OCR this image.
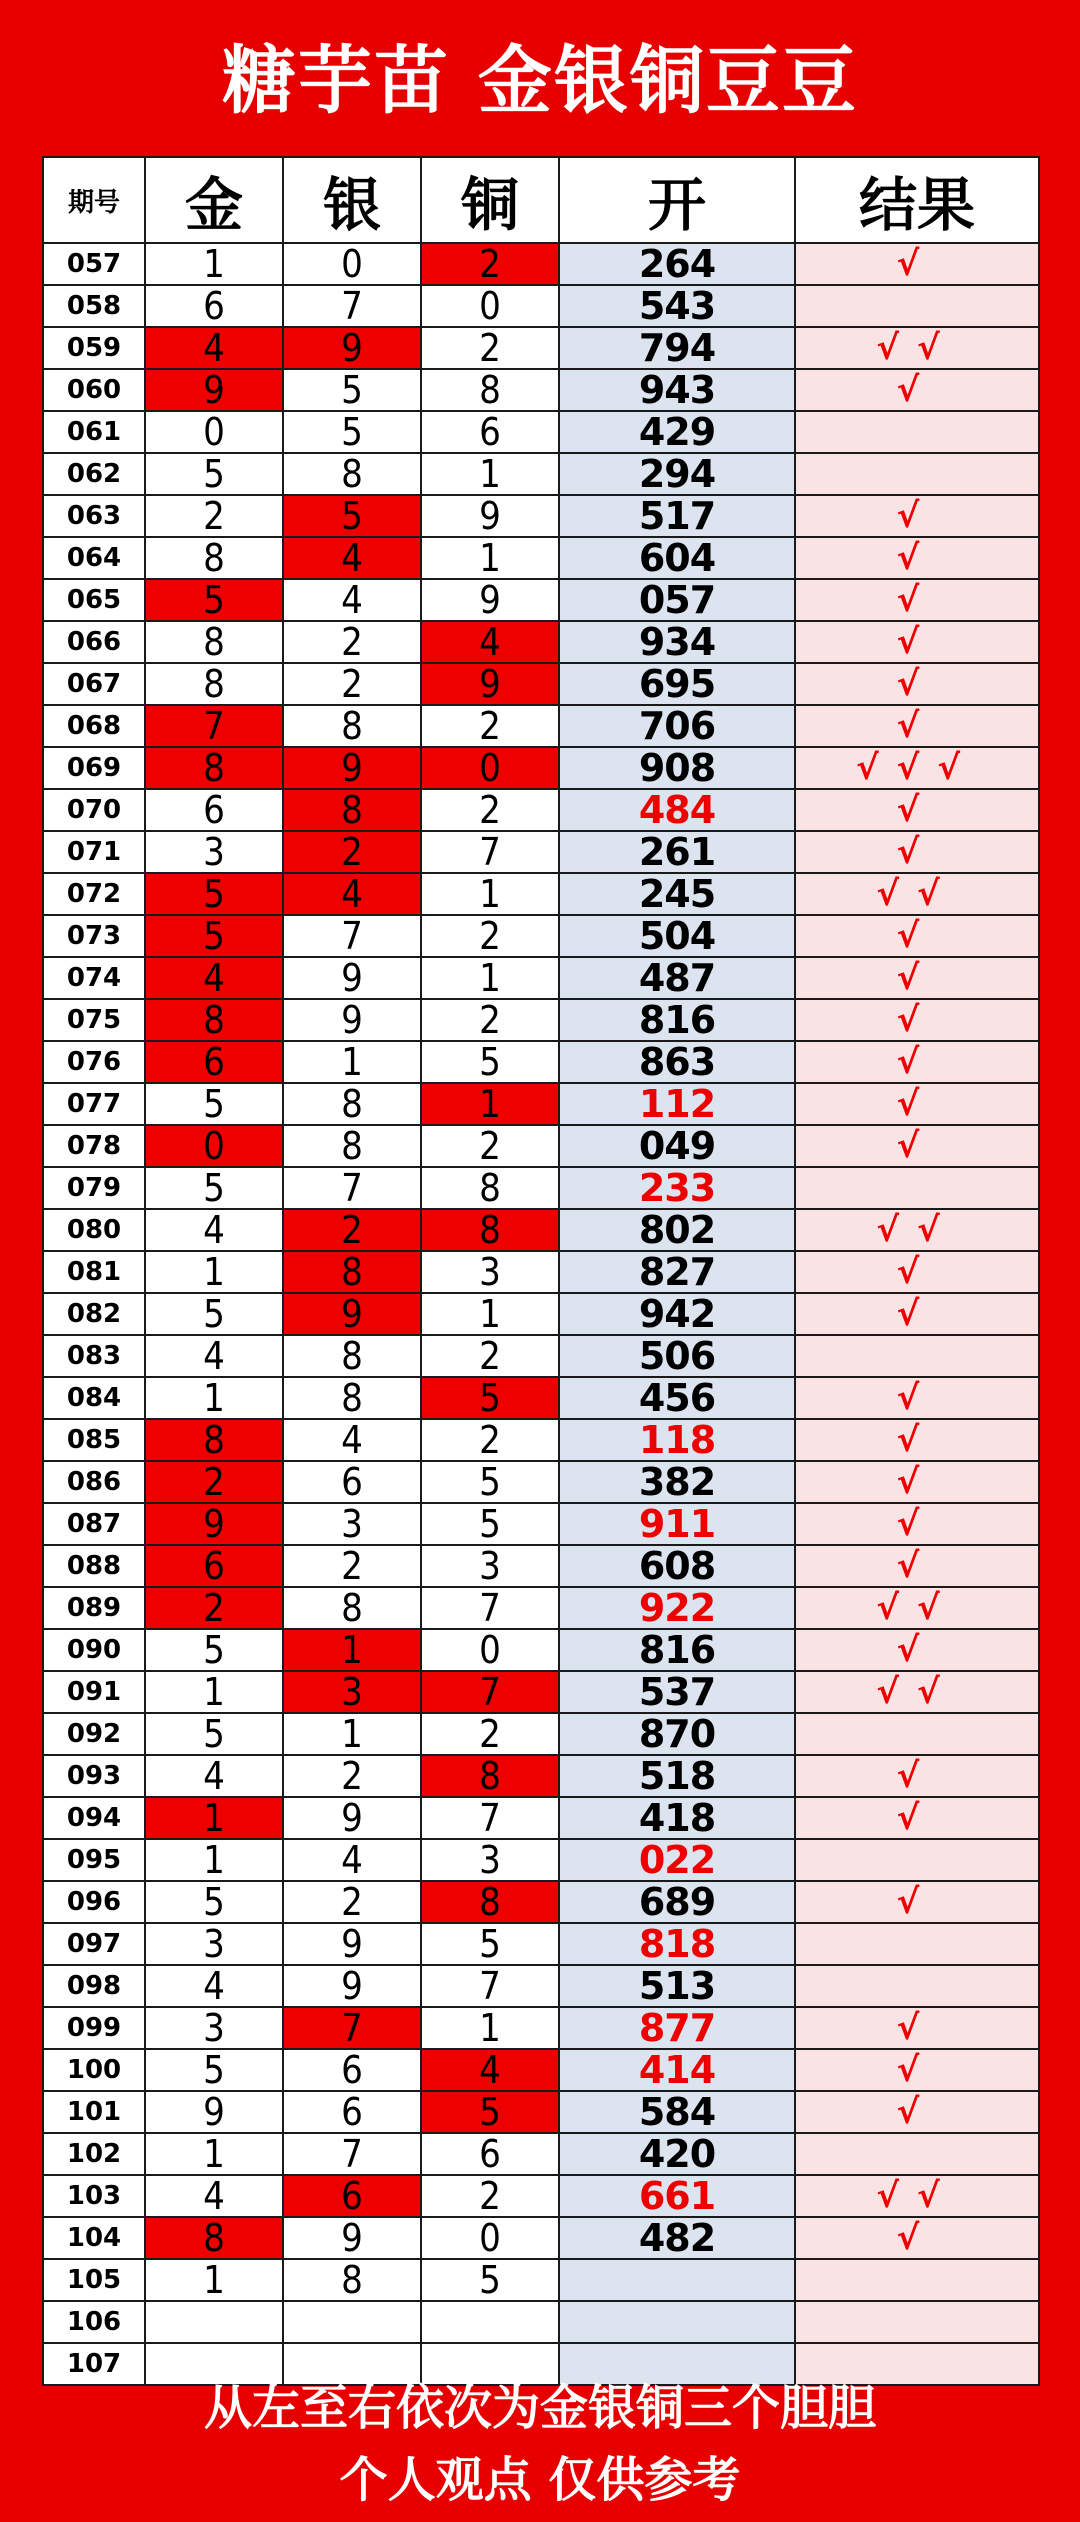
糖芋苗 金银铜豆豆
期号	金	银	铜	开	结果
057	1	0	2	264	√
058	6	7	0	543	
059	4	9	2	794	√√
060	9	5	8	943	√
061	0	5	6	429	
062	5	8	1	294	
063	2	5	9	517	√
064	8	4	1	604	√
065	5	4	9	057	√
066	8	2	4	934	√
067	8	2	9	695	√
068	7	8	2	706	√
069	8	9	0	908	√√√
070	6	8	2	484	√
071	3	2	7	261	√
072	5	4	1	245	√√
073	5	7	2	504	√
074	4	9	1	487	√
075	8	9	2	816	√
076	6	1	5	863	√
077	5	8	1	112	√
078	0	8	2	049	√
079	5	7	8	233	
080	4	2	8	802	√√
081	1	8	3	827	√
082	5	9	1	942	√
083	4	8	2	506	
084	1	8	5	456	√
085	8	4	2	118	√
086	2	6	5	382	√
087	9	3	5	911	√
088	6	2	3	608	√
089	2	8	7	922	√√
090	5	1	0	816	√
091	1	3	7	537	√√
092	5	1	2	870	
093	4	2	8	518	√
094	1	9	7	418	√
095	1	4	3	022	
096	5	2	8	689	√
097	3	9	5	818	
098	4	9	7	513	
099	3	7	1	877	√
100	5	6	4	414	√
101	9	6	5	584	√
102	1	7	6	420	
103	4	6	2	661	√√
104	8	9	0	482	√
105	1	8	5		
106					
107					
从左至右依次为金银铜三个胆胆
个人观点 仅供参考
